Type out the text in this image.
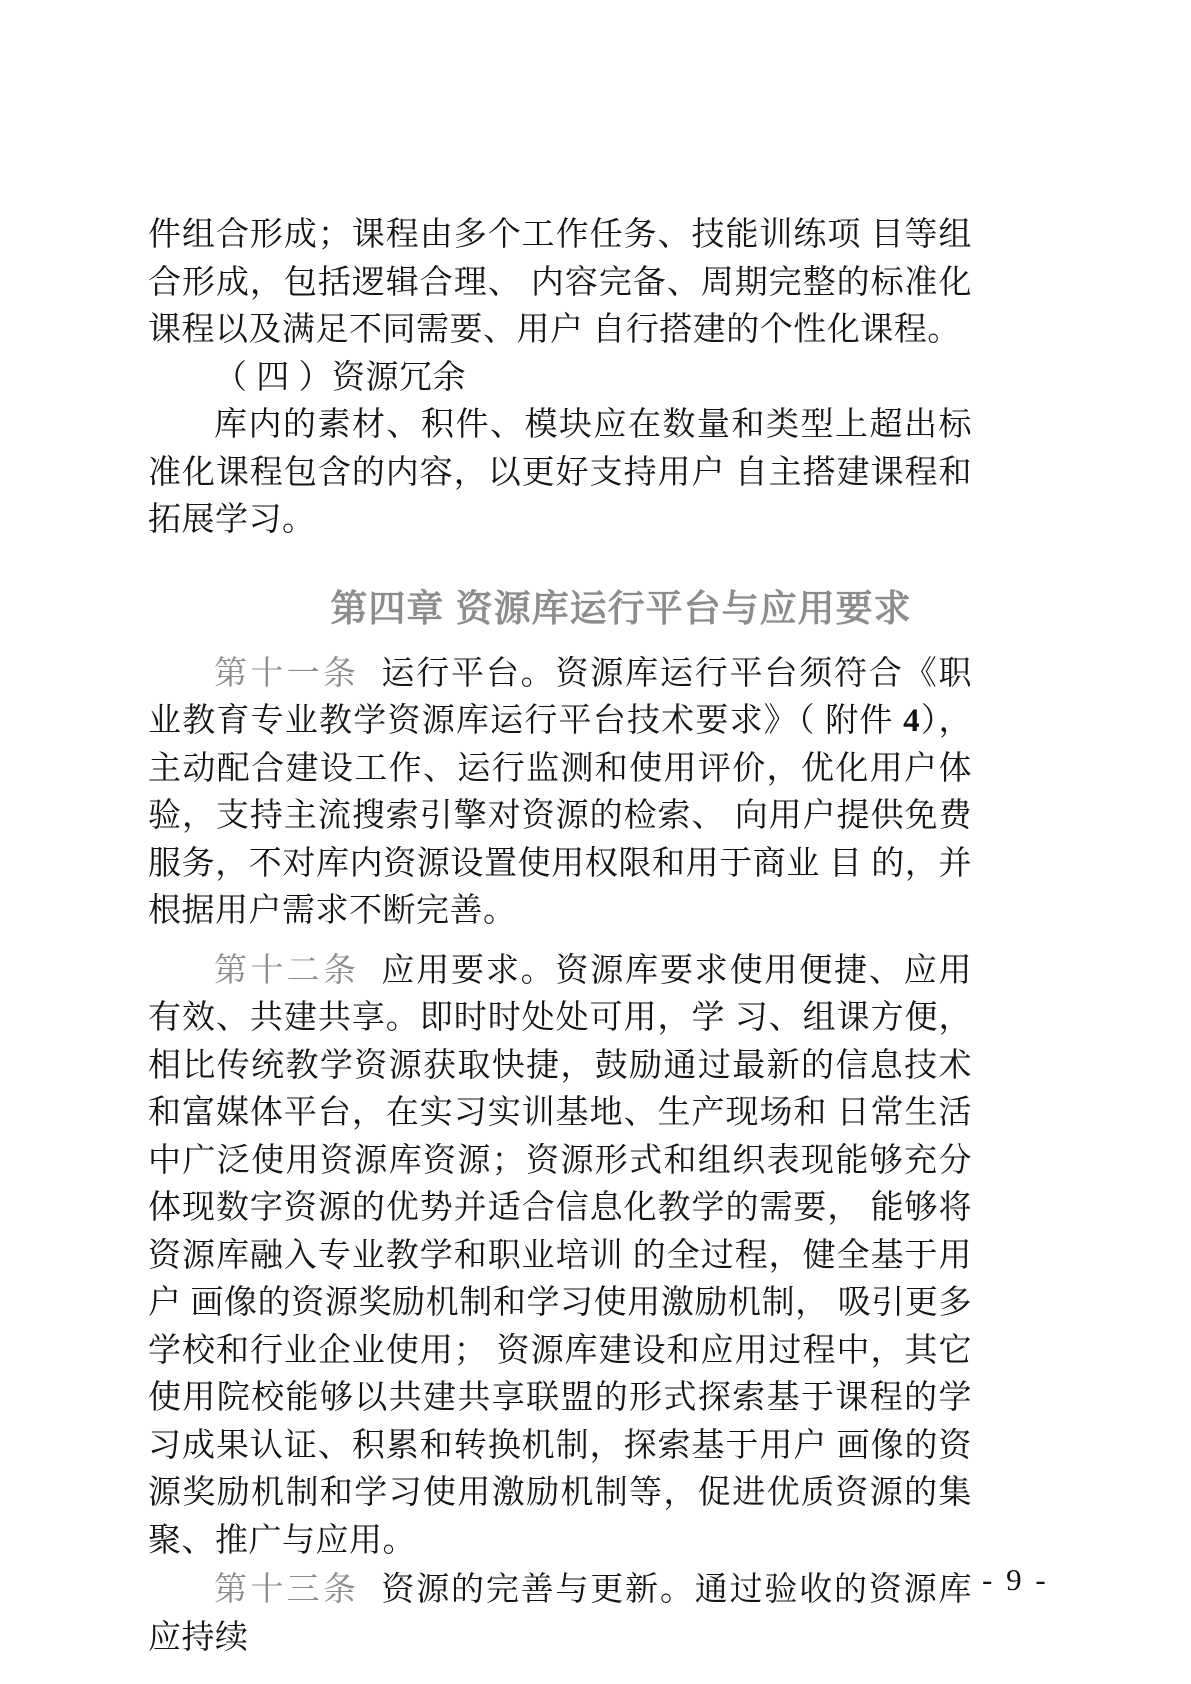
件组合形成；课程由多个工作任务、技能训练项 目等组合形成，包括逻辑合理、 内容完备、周期完整的标准化课程以及满足不同需要、用户 自行搭建的个性化课程。

（ 四 ）资源冗余

库内的素材、积件、模块应在数量和类型上超出标准化课程包含的内容，以更好支持用户 自主搭建课程和拓展学习。

第四章 资源库运行平台与应用要求

第十一条 运行平台。资源库运行平台须符合《职业教育专业教学资源库运行平台技术要求》（ 附件 4），主动配合建设工作、运行监测和使用评价，优化用户体验，支持主流搜索引擎对资源的检索、 向用户提供免费服务，不对库内资源设置使用权限和用于商业 目 的，并根据用户需求不断完善。

第十二条 应用要求。资源库要求使用便捷、应用有效、共建共享。即时时处处可用，学 习、组课方便，相比传统教学资源获取快捷，鼓励通过最新的信息技术和富媒体平台，在实习实训基地、生产现场和 日常生活中广泛使用资源库资源；资源形式和组织表现能够充分体现数字资源的优势并适合信息化教学的需要， 能够将资源库融入专业教学和职业培训 的全过程，健全基于用户 画像的资源奖励机制和学习使用激励机制， 吸引更多学校和行业企业使用； 资源库建设和应用过程中，其它使用院校能够以共建共享联盟的形式探索基于课程的学习成果认证、积累和转换机制，探索基于用户 画像的资源奖励机制和学习使用激励机制等，促进优质资源的集聚、推广与应用。

第十三条 资源的完善与更新。通过验收的资源库应持续

- 9 -
